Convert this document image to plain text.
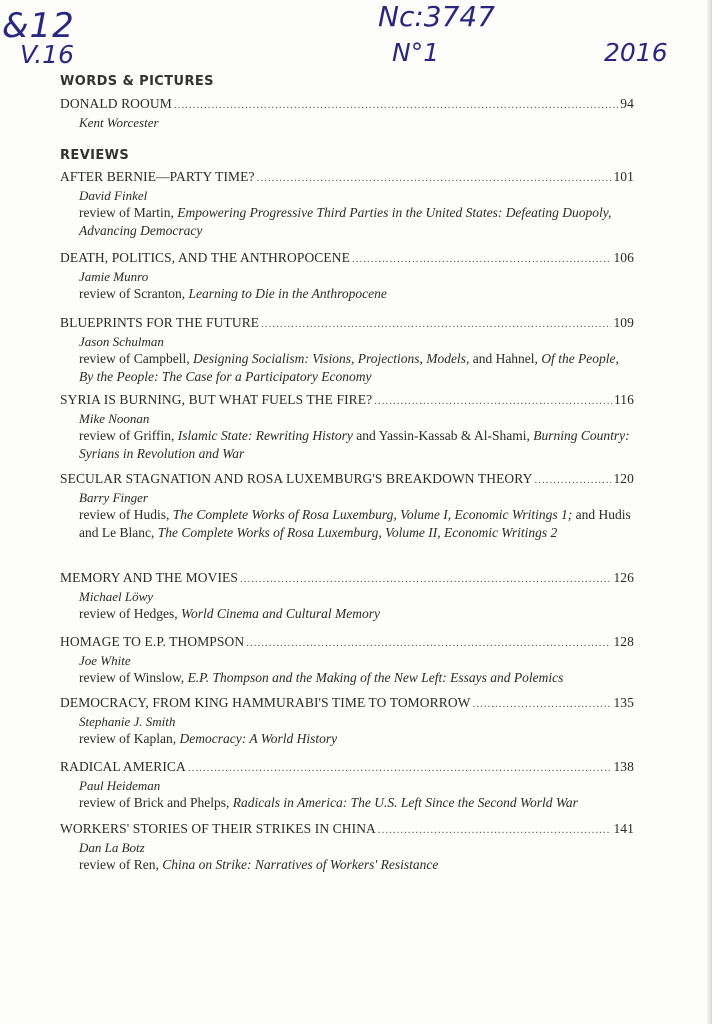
&12
V.16
Nc:3747
N°1	2016
WORDS & PICTURES
REVIEWS
DONALD ROOUM .....	94
Kent Worcester
AFTER BERNIE—PARTY TIME? .....	101
David Finkel
review of Martin, Empowering Progressive Third Parties in the United States: Defeating Duopoly, Advancing Democracy
DEATH, POLITICS, AND THE ANTHROPOCENE .....	106
Jamie Munro
review of Scranton, Learning to Die in the Anthropocene
BLUEPRINTS FOR THE FUTURE .....	109
Jason Schulman
review of Campbell, Designing Socialism: Visions, Projections, Models, and Hahnel, Of the People, By the People: The Case for a Participatory Economy
SYRIA IS BURNING, BUT WHAT FUELS THE FIRE? .....	116
Mike Noonan
review of Griffin, Islamic State: Rewriting History and Yassin-Kassab & Al-Shami, Burning Country: Syrians in Revolution and War
SECULAR STAGNATION AND ROSA LUXEMBURG'S BREAKDOWN THEORY .....	120
Barry Finger
review of Hudis, The Complete Works of Rosa Luxemburg, Volume I, Economic Writings 1; and Hudis and Le Blanc, The Complete Works of Rosa Luxemburg, Volume II, Economic Writings 2
MEMORY AND THE MOVIES .....	126
Michael Löwy
review of Hedges, World Cinema and Cultural Memory
HOMAGE TO E.P. THOMPSON .....	128
Joe White
review of Winslow, E.P. Thompson and the Making of the New Left: Essays and Polemics
DEMOCRACY, FROM KING HAMMURABI'S TIME TO TOMORROW .....	135
Stephanie J. Smith
review of Kaplan, Democracy: A World History
RADICAL AMERICA .....	138
Paul Heideman
review of Brick and Phelps, Radicals in America: The U.S. Left Since the Second World War
WORKERS' STORIES OF THEIR STRIKES IN CHINA .....	141
Dan La Botz
review of Ren, China on Strike: Narratives of Workers' Resistance
